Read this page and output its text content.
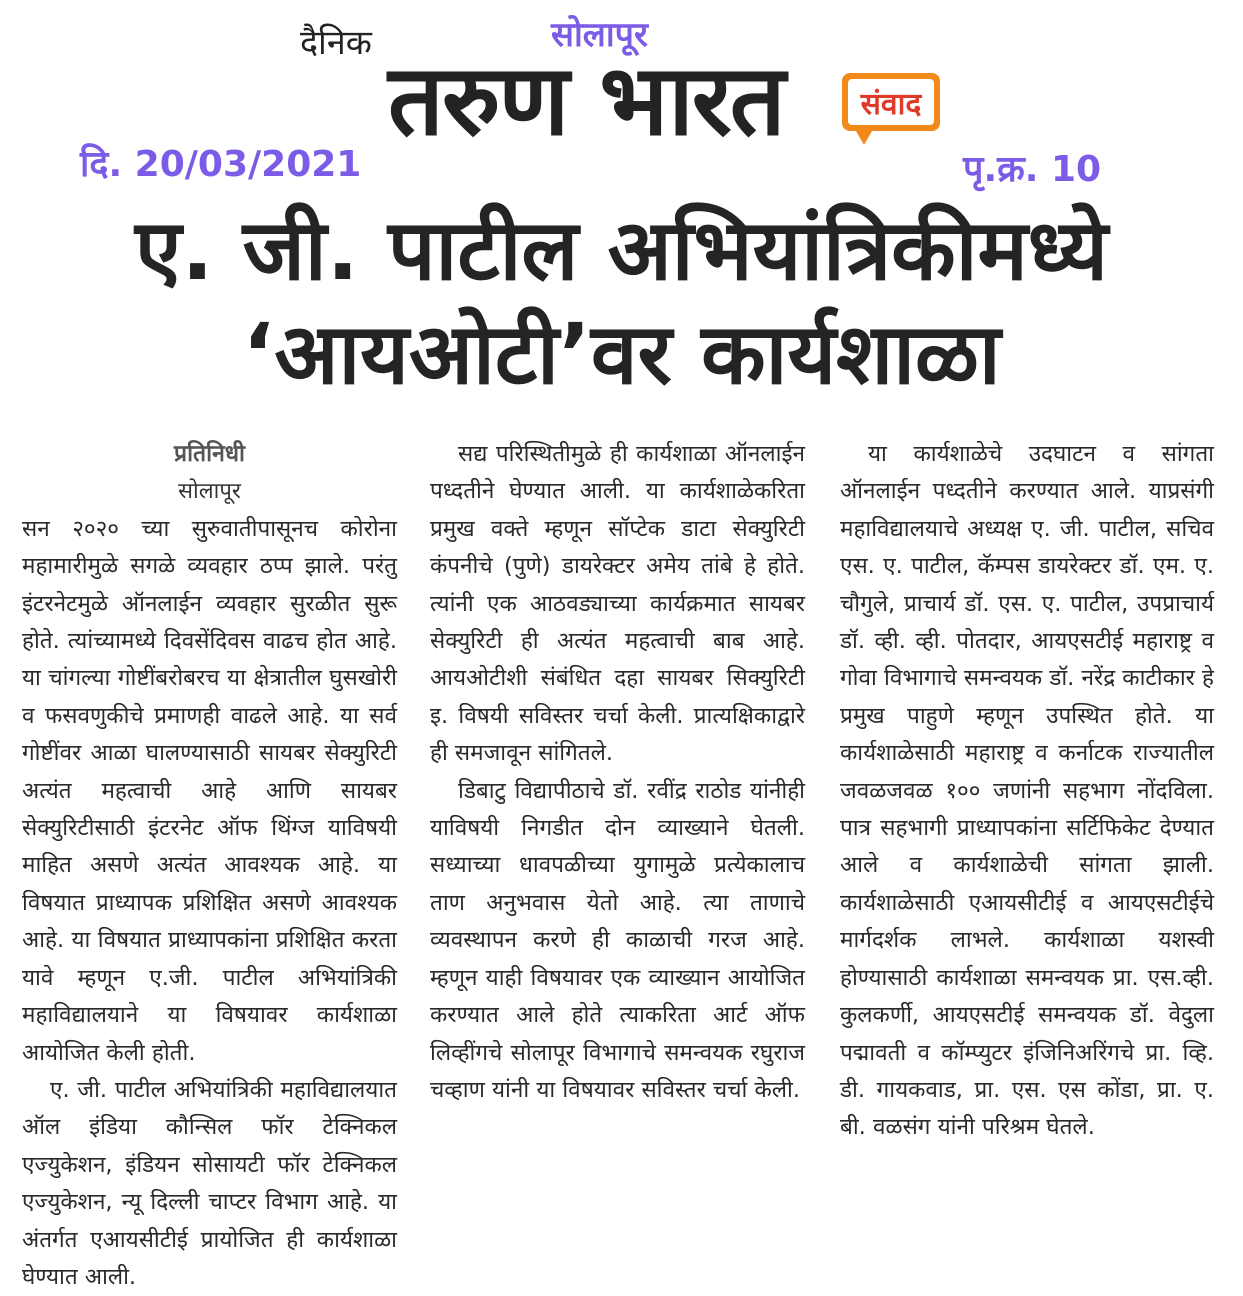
दैनिक	सोलापूर
तरुण भारत	संवाद
दि. 20/03/2021	पृ.क्र. 10
ए. जी. पाटील अभियांत्रिकीमध्ये
‘आयओटी’वर कार्यशाळा
प्रतिनिधी
सोलापूर

सन २०२० च्या सुरुवातीपासूनच कोरोना महामारीमुळे सगळे व्यवहार ठप्प झाले. परंतु इंटरनेटमुळे ऑनलाईन व्यवहार सुरळीत सुरू होते. त्यांच्यामध्ये दिवसेंदिवस वाढच होत आहे. या चांगल्या गोष्टींबरोबरच या क्षेत्रातील घुसखोरी व फसवणुकीचे प्रमाणही वाढले आहे. या सर्व गोष्टींवर आळा घालण्यासाठी सायबर सेक्युरिटी अत्यंत महत्वाची आहे आणि सायबर सेक्युरिटीसाठी इंटरनेट ऑफ थिंग्ज याविषयी माहित असणे अत्यंत आवश्यक आहे. या विषयात प्राध्यापक प्रशिक्षित असणे आवश्यक आहे. या विषयात प्राध्यापकांना प्रशिक्षित करता यावे म्हणून ए.जी. पाटील अभियांत्रिकी महाविद्यालयाने या विषयावर कार्यशाळा आयोजित केली होती.

ए. जी. पाटील अभियांत्रिकी महाविद्यालयात ऑल इंडिया कौन्सिल फॉर टेक्निकल एज्युकेशन, इंडियन सोसायटी फॉर टेक्निकल एज्युकेशन, न्यू दिल्ली चाप्टर विभाग आहे. या अंतर्गत एआयसीटीई प्रायोजित ही कार्यशाळा घेण्यात आली.

सद्य परिस्थितीमुळे ही कार्यशाळा ऑनलाईन पध्दतीने घेण्यात आली. या कार्यशाळेकरिता प्रमुख वक्ते म्हणून सॉप्टेक डाटा सेक्युरिटी कंपनीचे (पुणे) डायरेक्टर अमेय तांबे हे होते. त्यांनी एक आठवड्याच्या कार्यक्रमात सायबर सेक्युरिटी ही अत्यंत महत्वाची बाब आहे. आयओटीशी संबंधित दहा सायबर सिक्युरिटी इ. विषयी सविस्तर चर्चा केली. प्रात्यक्षिकाद्वारे ही समजावून सांगितले.

डिबाटु विद्यापीठाचे डॉ. रवींद्र राठोड यांनीही याविषयी निगडीत दोन व्याख्याने घेतली. सध्याच्या धावपळीच्या युगामुळे प्रत्येकालाच ताण अनुभवास येतो आहे. त्या ताणाचे व्यवस्थापन करणे ही काळाची गरज आहे. म्हणून याही विषयावर एक व्याख्यान आयोजित करण्यात आले होते त्याकरिता आर्ट ऑफ लिव्हींगचे सोलापूर विभागाचे समन्वयक रघुराज चव्हाण यांनी या विषयावर सविस्तर चर्चा केली.

या कार्यशाळेचे उदघाटन व सांगता ऑनलाईन पध्दतीने करण्यात आले. याप्रसंगी महाविद्यालयाचे अध्यक्ष ए. जी. पाटील, सचिव एस. ए. पाटील, कॅम्पस डायरेक्टर डॉ. एम. ए. चौगुले, प्राचार्य डॉ. एस. ए. पाटील, उपप्राचार्य डॉ. व्ही. व्ही. पोतदार, आयएसटीई महाराष्ट्र व गोवा विभागाचे समन्वयक डॉ. नरेंद्र काटीकार हे प्रमुख पाहुणे म्हणून उपस्थित होते. या कार्यशाळेसाठी महाराष्ट्र व कर्नाटक राज्यातील जवळजवळ १०० जणांनी सहभाग नोंदविला. पात्र सहभागी प्राध्यापकांना सर्टिफिकेट देण्यात आले व कार्यशाळेची सांगता झाली. कार्यशाळेसाठी एआयसीटीई व आयएसटीईचे मार्गदर्शक लाभले. कार्यशाळा यशस्वी होण्यासाठी कार्यशाळा समन्वयक प्रा. एस.व्ही. कुलकर्णी, आयएसटीई समन्वयक डॉ. वेदुला पद्मावती व कॉम्प्युटर इंजिनिअरिंगचे प्रा. व्हि. डी. गायकवाड, प्रा. एस. एस कोंडा, प्रा. ए. बी. वळसंग यांनी परिश्रम घेतले.
